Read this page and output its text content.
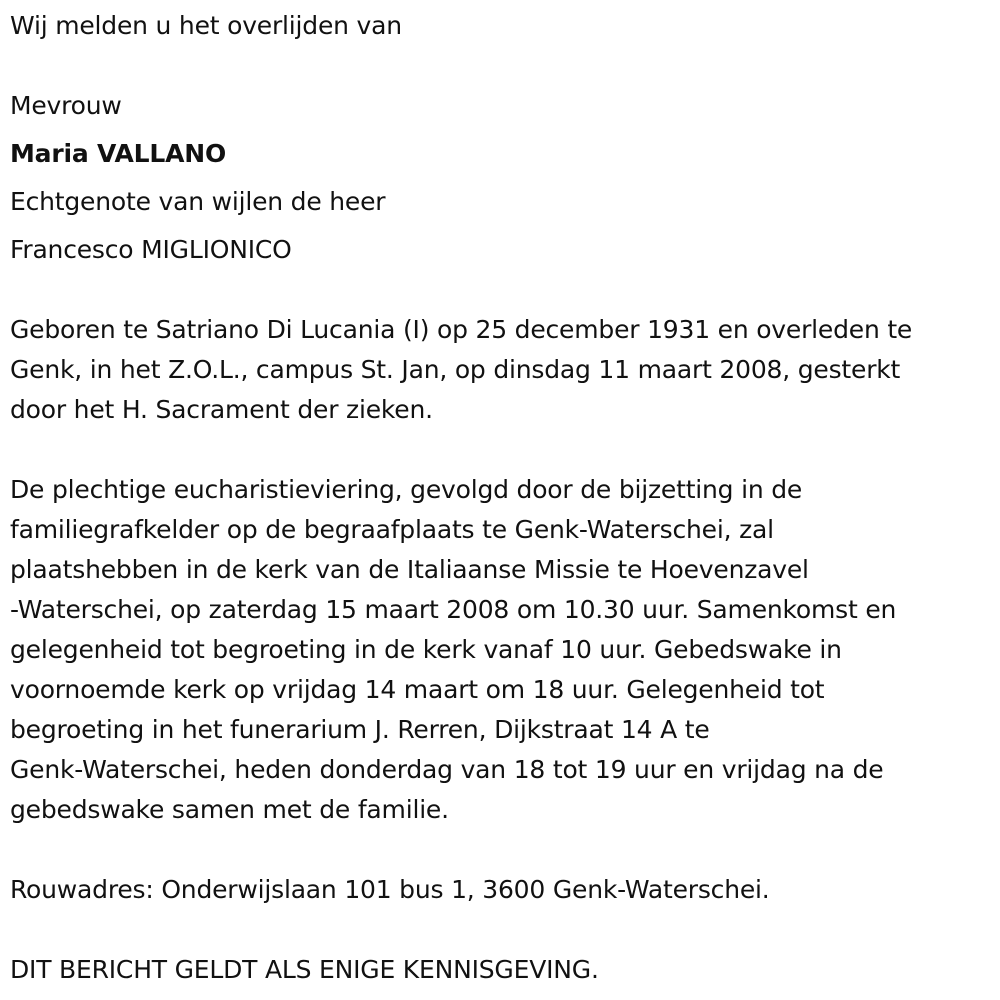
Wij melden u het overlijden van
Mevrouw
Maria VALLANO
Echtgenote van wijlen de heer
Francesco MIGLIONICO
Geboren te Satriano Di Lucania (I) op 25 december 1931 en overleden te
Genk, in het Z.O.L., campus St. Jan, op dinsdag 11 maart 2008, gesterkt
door het H. Sacrament der zieken.
De plechtige eucharistieviering, gevolgd door de bijzetting in de
familiegrafkelder op de begraafplaats te Genk-Waterschei, zal
plaatshebben in de kerk van de Italiaanse Missie te Hoevenzavel
-Waterschei, op zaterdag 15 maart 2008 om 10.30 uur. Samenkomst en
gelegenheid tot begroeting in de kerk vanaf 10 uur. Gebedswake in
voornoemde kerk op vrijdag 14 maart om 18 uur. Gelegenheid tot
begroeting in het funerarium J. Rerren, Dijkstraat 14 A te
Genk-Waterschei, heden donderdag van 18 tot 19 uur en vrijdag na de
gebedswake samen met de familie.
Rouwadres: Onderwijslaan 101 bus 1, 3600 Genk-Waterschei.
DIT BERICHT GELDT ALS ENIGE KENNISGEVING.
